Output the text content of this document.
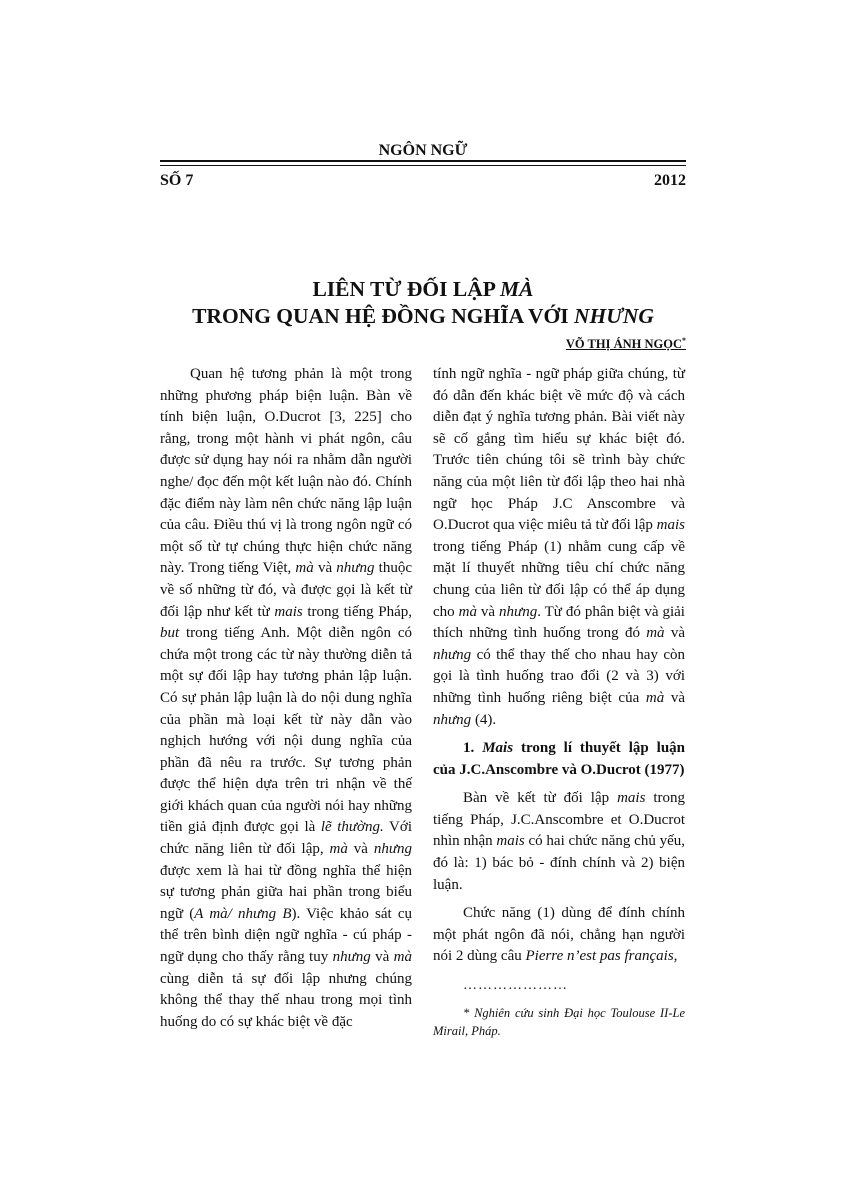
NGÔN NGỮ
SỐ 7	2012
LIÊN TỪ ĐỐI LẬP MÀ
TRONG QUAN HỆ ĐỒNG NGHĨA VỚI NHƯNG
VÕ THỊ ÁNH NGỌC*

Quan hệ tương phản là một trong những phương pháp biện luận. Bàn về tính biện luận, O.Ducrot [3, 225] cho rằng, trong một hành vi phát ngôn, câu được sử dụng hay nói ra nhằm dẫn người nghe/ đọc đến một kết luận nào đó. Chính đặc điểm này làm nên chức năng lập luận của câu. Điều thú vị là trong ngôn ngữ có một số từ tự chúng thực hiện chức năng này. Trong tiếng Việt, mà và nhưng thuộc về số những từ đó, và được gọi là kết từ đối lập như kết từ mais trong tiếng Pháp, but trong tiếng Anh. Một diễn ngôn có chứa một trong các từ này thường diễn tả một sự đối lập hay tương phản lập luận. Có sự phản lập luận là do nội dung nghĩa của phần mà loại kết từ này dẫn vào nghịch hướng với nội dung nghĩa của phần đã nêu ra trước. Sự tương phản được thể hiện dựa trên tri nhận về thế giới khách quan của người nói hay những tiền giả định được gọi là lẽ thường. Với chức năng liên từ đối lập, mà và nhưng được xem là hai từ đồng nghĩa thể hiện sự tương phản giữa hai phần trong biểu ngữ (A mà/ nhưng B). Việc khảo sát cụ thể trên bình diện ngữ nghĩa - cú pháp - ngữ dụng cho thấy rằng tuy nhưng và mà cùng diễn tả sự đối lập nhưng chúng không thể thay thế nhau trong mọi tình huống do có sự khác biệt về đặc

tính ngữ nghĩa - ngữ pháp giữa chúng, từ đó dẫn đến khác biệt về mức độ và cách diễn đạt ý nghĩa tương phản. Bài viết này sẽ cố gắng tìm hiểu sự khác biệt đó. Trước tiên chúng tôi sẽ trình bày chức năng của một liên từ đối lập theo hai nhà ngữ học Pháp J.C Anscombre và O.Ducrot qua việc miêu tả từ đối lập mais trong tiếng Pháp (1) nhằm cung cấp về mặt lí thuyết những tiêu chí chức năng chung của liên từ đối lập có thể áp dụng cho mà và nhưng. Từ đó phân biệt và giải thích những tình huống trong đó mà và nhưng có thể thay thế cho nhau hay còn gọi là tình huống trao đổi (2 và 3) với những tình huống riêng biệt của mà và nhưng (4).

1. Mais trong lí thuyết lập luận của J.C.Anscombre và O.Ducrot (1977)

Bàn về kết từ đối lập mais trong tiếng Pháp, J.C.Anscombre et O.Ducrot nhìn nhận mais có hai chức năng chủ yếu, đó là: 1) bác bỏ - đính chính và 2) biện luận.

Chức năng (1) dùng để đính chính một phát ngôn đã nói, chẳng hạn người nói 2 dùng câu Pierre n’est pas français,

…………………

* Nghiên cứu sinh Đại học Toulouse II-Le Mirail, Pháp.
